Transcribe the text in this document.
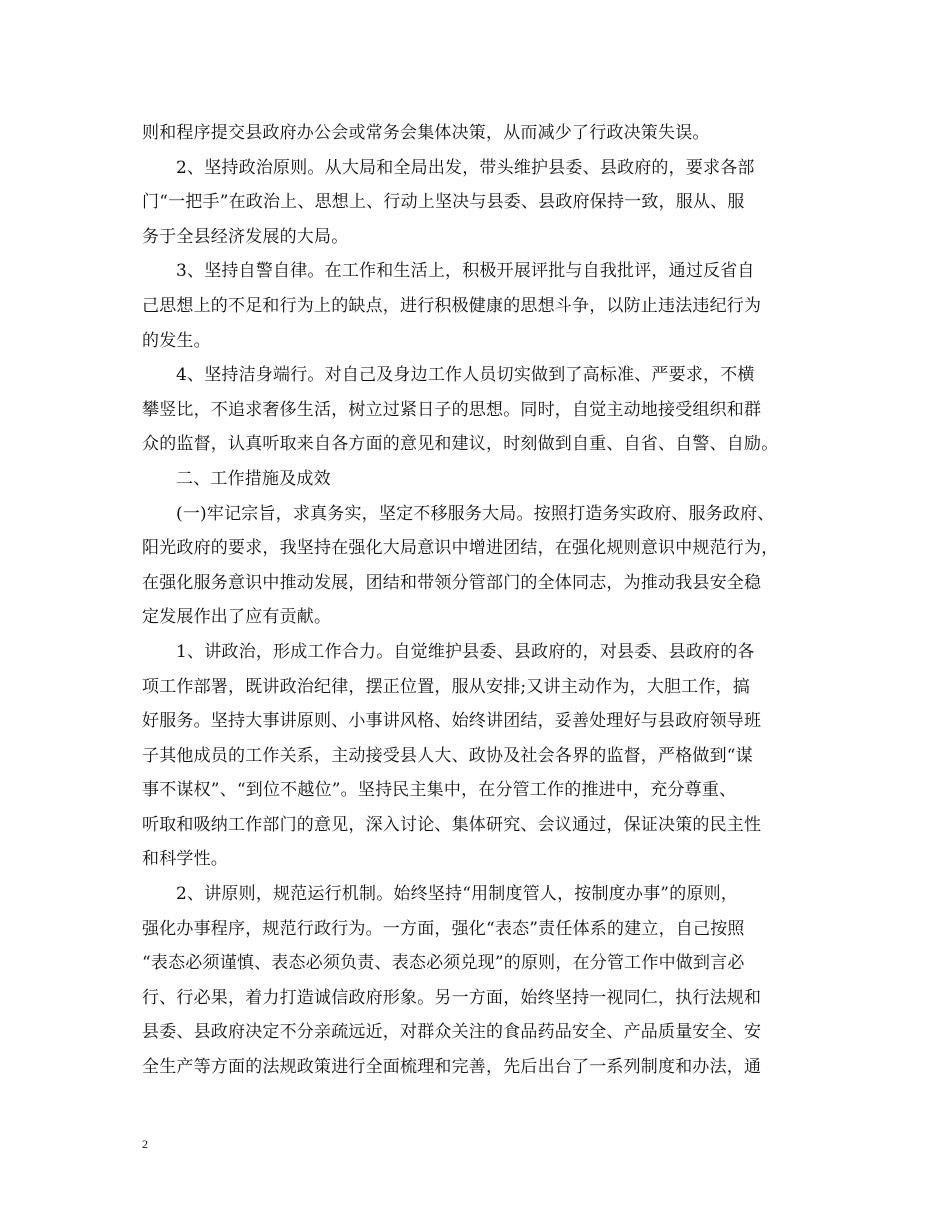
则和程序提交县政府办公会或常务会集体决策，从而减少了行政决策失误。
2、坚持政治原则。从大局和全局出发，带头维护县委、县政府的，要求各部
门“一把手”在政治上、思想上、行动上坚决与县委、县政府保持一致，服从、服
务于全县经济发展的大局。
3、坚持自警自律。在工作和生活上，积极开展评批与自我批评，通过反省自
己思想上的不足和行为上的缺点，进行积极健康的思想斗争，以防止违法违纪行为
的发生。
4、坚持洁身端行。对自己及身边工作人员切实做到了高标准、严要求，不横
攀竖比，不追求奢侈生活，树立过紧日子的思想。同时，自觉主动地接受组织和群
众的监督，认真听取来自各方面的意见和建议，时刻做到自重、自省、自警、自励。
二、工作措施及成效
(一)牢记宗旨，求真务实，坚定不移服务大局。按照打造务实政府、服务政府、
阳光政府的要求，我坚持在强化大局意识中增进团结，在强化规则意识中规范行为，
在强化服务意识中推动发展，团结和带领分管部门的全体同志，为推动我县安全稳
定发展作出了应有贡献。
1、讲政治，形成工作合力。自觉维护县委、县政府的，对县委、县政府的各
项工作部署，既讲政治纪律，摆正位置，服从安排;又讲主动作为，大胆工作，搞
好服务。坚持大事讲原则、小事讲风格、始终讲团结，妥善处理好与县政府领导班
子其他成员的工作关系，主动接受县人大、政协及社会各界的监督，严格做到“谋
事不谋权”、“到位不越位”。坚持民主集中，在分管工作的推进中，充分尊重、
听取和吸纳工作部门的意见，深入讨论、集体研究、会议通过，保证决策的民主性
和科学性。
2、讲原则，规范运行机制。始终坚持“用制度管人，按制度办事”的原则，
强化办事程序，规范行政行为。一方面，强化“表态”责任体系的建立，自己按照
“表态必须谨慎、表态必须负责、表态必须兑现”的原则，在分管工作中做到言必
行、行必果，着力打造诚信政府形象。另一方面，始终坚持一视同仁，执行法规和
县委、县政府决定不分亲疏远近，对群众关注的食品药品安全、产品质量安全、安
全生产等方面的法规政策进行全面梳理和完善，先后出台了一系列制度和办法，通
2
